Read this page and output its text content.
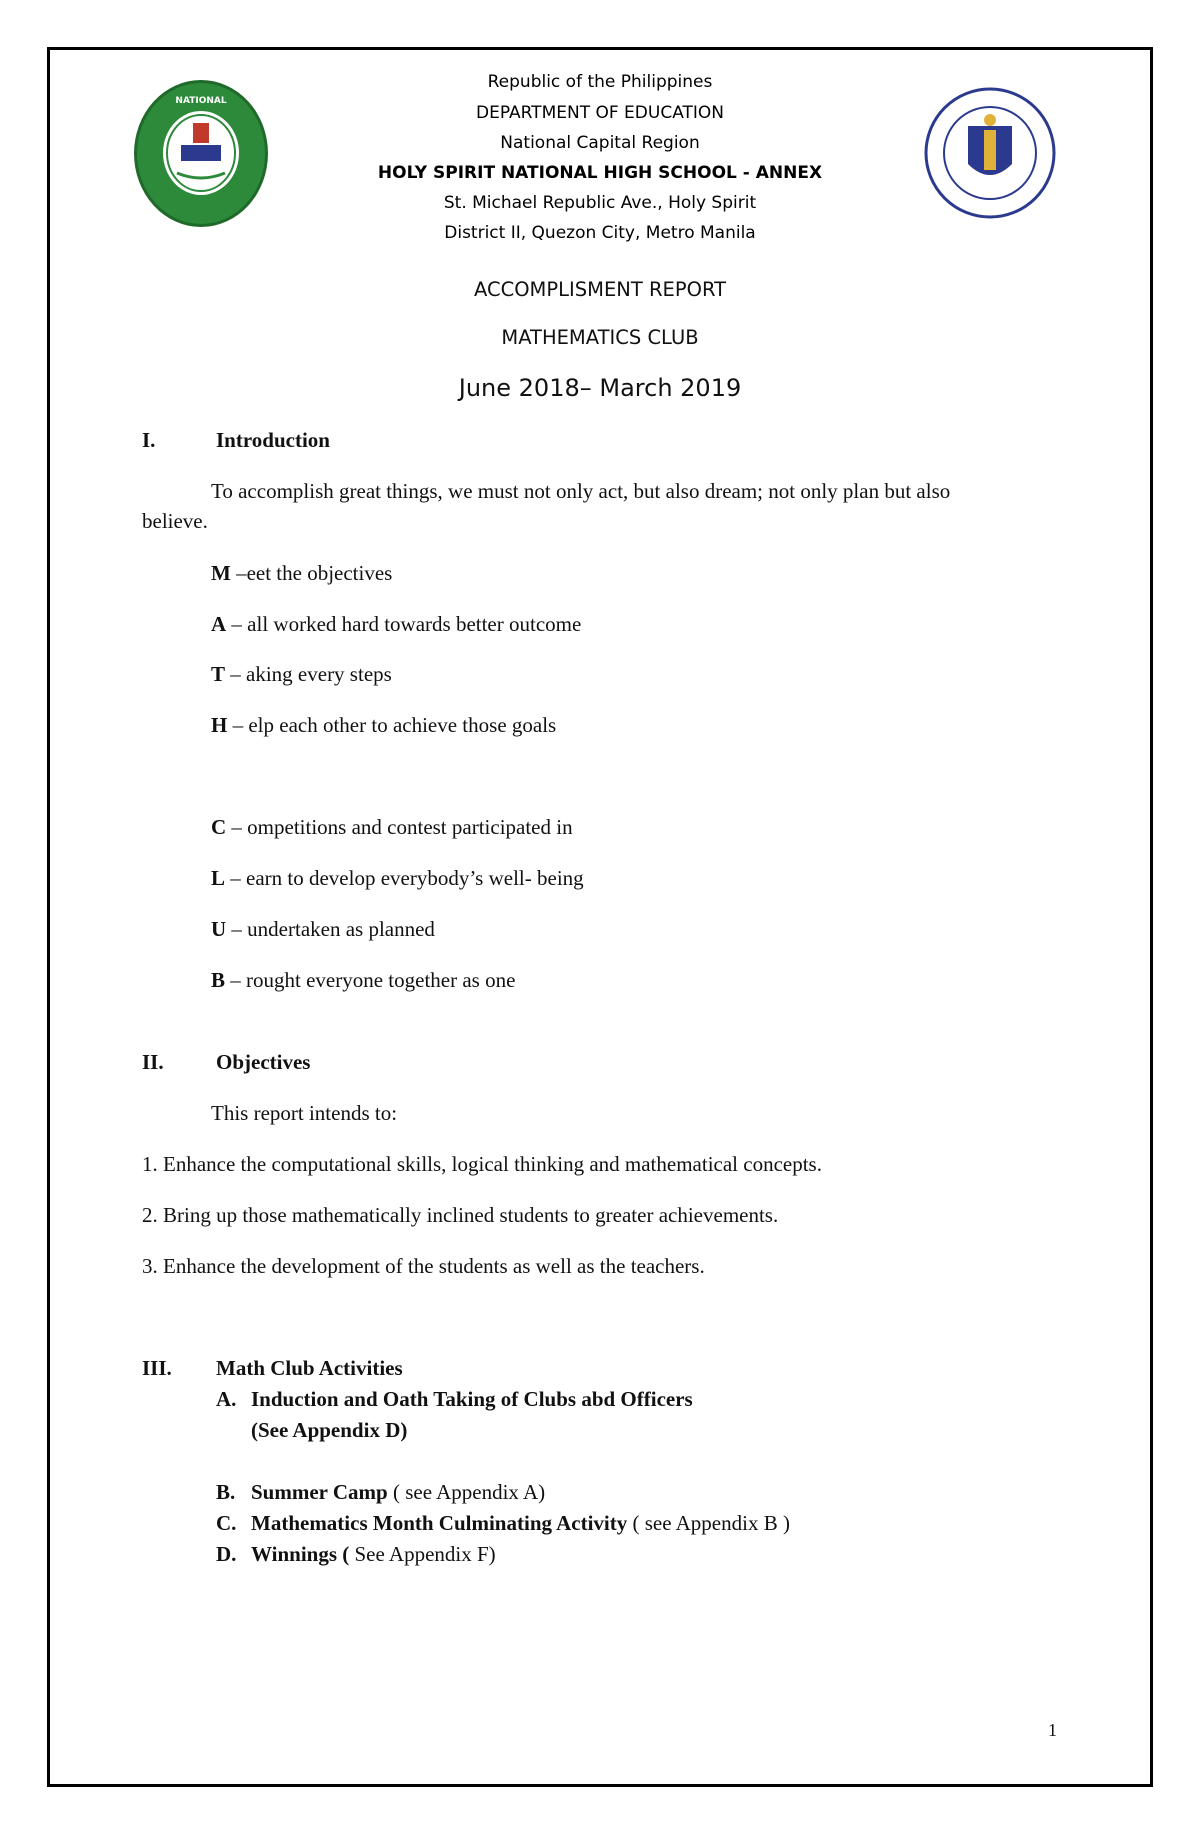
NATIONAL
Republic of the Philippines
DEPARTMENT OF EDUCATION
National Capital Region
HOLY SPIRIT NATIONAL HIGH SCHOOL - ANNEX
St. Michael Republic Ave., Holy Spirit
District II, Quezon City, Metro Manila
ACCOMPLISMENT REPORT
MATHEMATICS CLUB
June 2018– March 2019
I.	Introduction
To accomplish great things, we must not only act, but also dream; not only plan but also
believe.
M –eet the objectives
A – all worked hard towards better outcome
T – aking every steps
H – elp each other to achieve those goals
C – ompetitions and contest participated in
L – earn to develop everybody’s well- being
U – undertaken as planned
B – rought everyone together as one
II. Objectives
This report intends to:
1. Enhance the computational skills, logical thinking and mathematical concepts.
2. Bring up those mathematically inclined students to greater achievements.
3. Enhance the development of the students as well as the teachers.
III. Math Club Activities
A. Induction and Oath Taking of Clubs abd Officers
(See Appendix D)
B. Summer Camp ( see Appendix A)
C. Mathematics Month Culminating Activity ( see Appendix B )
D. Winnings ( See Appendix F)
1
